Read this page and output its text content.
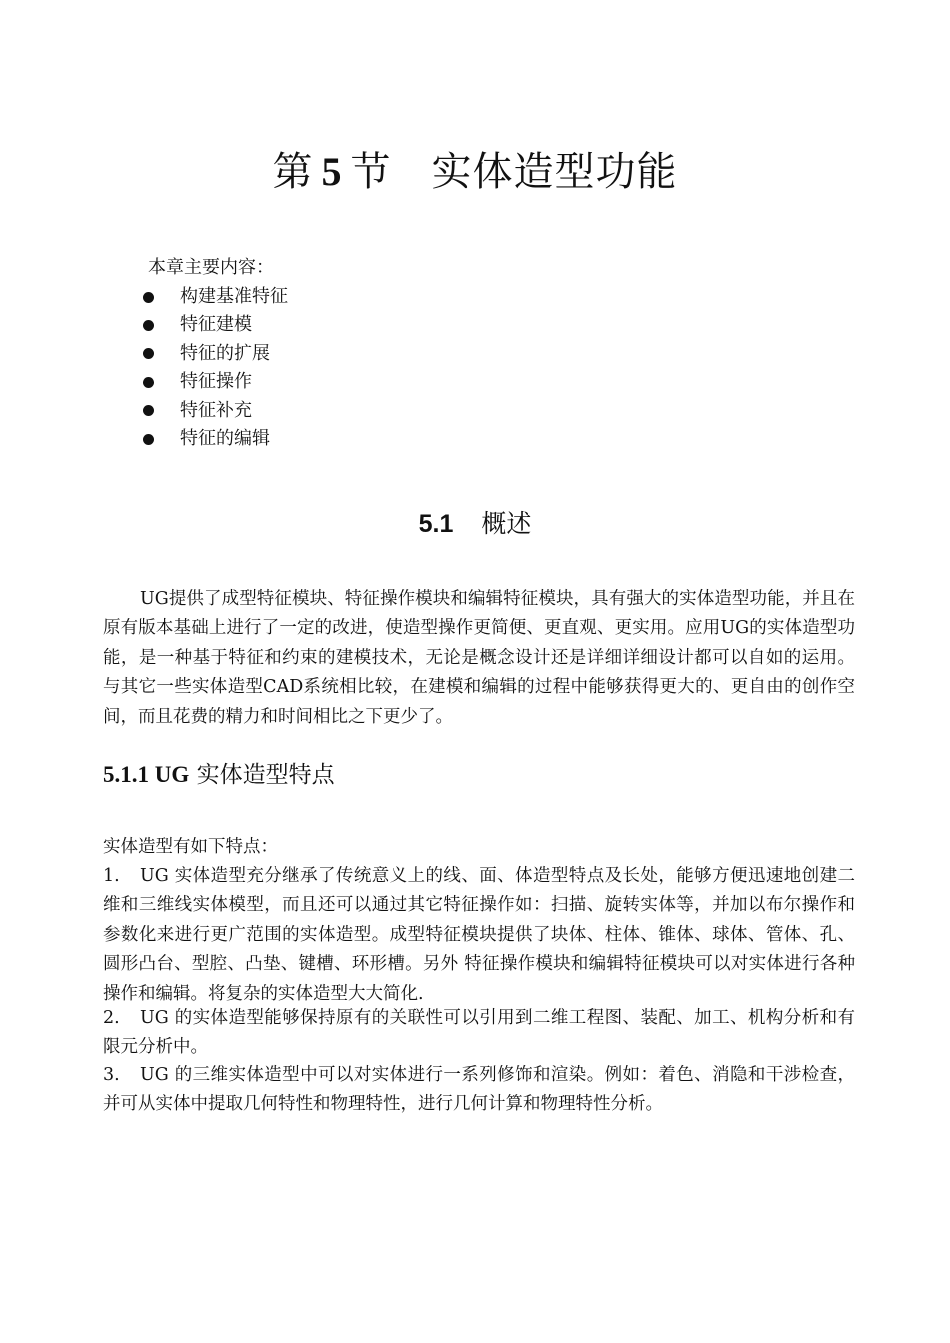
第 5 节 实体造型功能
本章主要内容：
构建基准特征
特征建模
特征的扩展
特征操作
特征补充
特征的编辑
5.1 概述

UG提供了成型特征模块、特征操作模块和编辑特征模块，具有强大的实体造型功能，并且在原有版本基础上进行了一定的改进，使造型操作更简便、更直观、更实用。应用UG的实体造型功能，是一种基于特征和约束的建模技术，无论是概念设计还是详细详细设计都可以自如的运用。与其它一些实体造型CAD系统相比较，在建模和编辑的过程中能够获得更大的、更自由的创作空间，而且花费的精力和时间相比之下更少了。

5.1.1 UG 实体造型特点

实体造型有如下特点：

1. UG 实体造型充分继承了传统意义上的线、面、体造型特点及长处，能够方便迅速地创建二维和三维线实体模型，而且还可以通过其它特征操作如：扫描、旋转实体等，并加以布尔操作和参数化来进行更广范围的实体造型。成型特征模块提供了块体、柱体、锥体、球体、管体、孔、圆形凸台、型腔、凸垫、键槽、环形槽。另外 特征操作模块和编辑特征模块可以对实体进行各种操作和编辑。将复杂的实体造型大大简化.

2. UG 的实体造型能够保持原有的关联性可以引用到二维工程图、装配、加工、机构分析和有限元分析中。

3. UG 的三维实体造型中可以对实体进行一系列修饰和渲染。例如：着色、消隐和干涉检查，并可从实体中提取几何特性和物理特性，进行几何计算和物理特性分析。
